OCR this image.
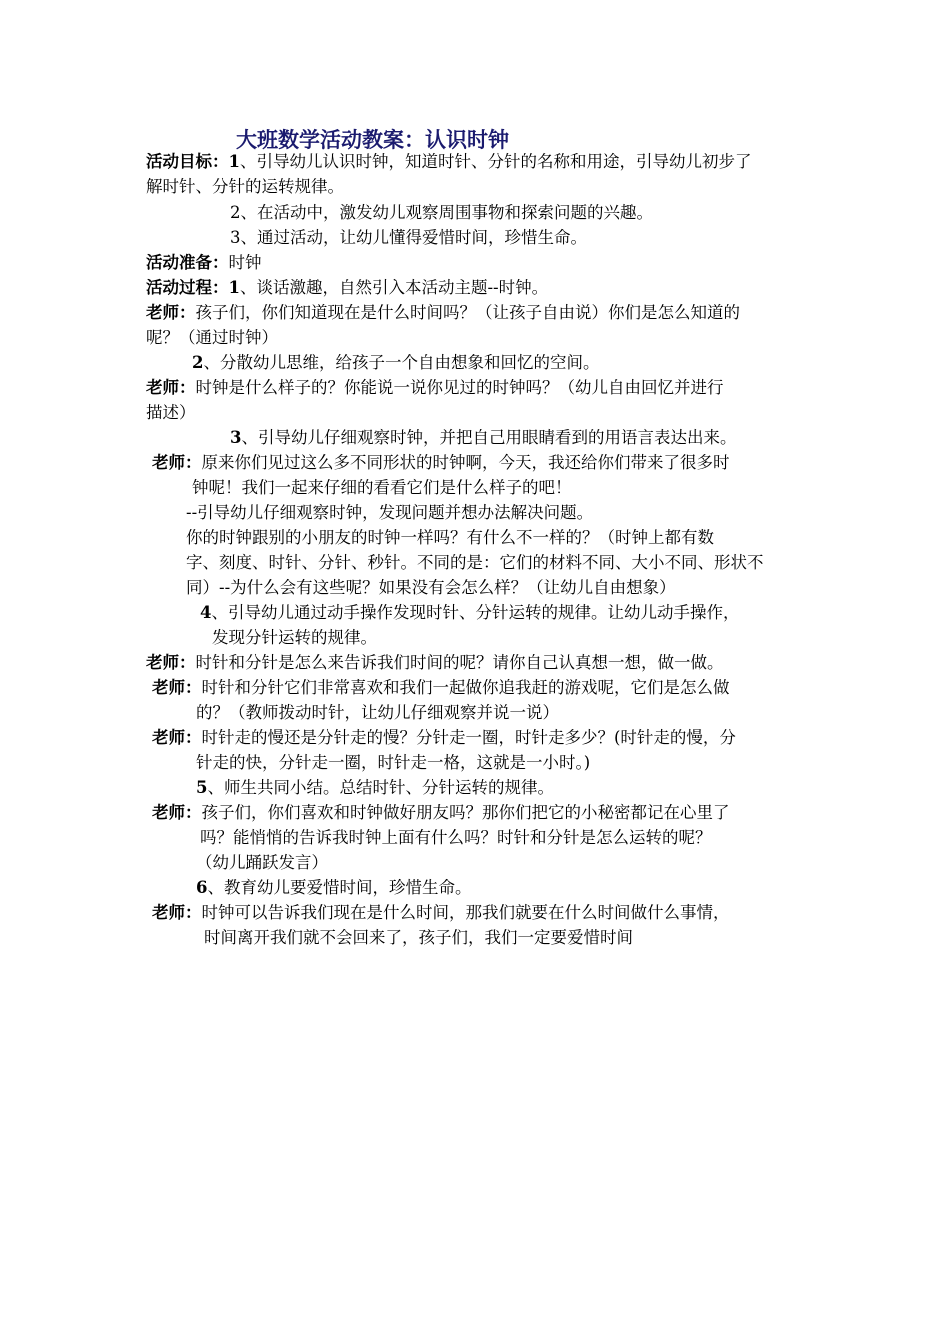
大班数学活动教案：认识时钟
活动目标：1、引导幼儿认识时钟，知道时针、分针的名称和用途，引导幼儿初步了
解时针、分针的运转规律。
2、在活动中，激发幼儿观察周围事物和探索问题的兴趣。
3、通过活动，让幼儿懂得爱惜时间，珍惜生命。
活动准备：时钟
活动过程：1、谈话激趣，自然引入本活动主题--时钟。
老师：孩子们，你们知道现在是什么时间吗？（让孩子自由说）你们是怎么知道的
呢？（通过时钟）
2、分散幼儿思维，给孩子一个自由想象和回忆的空间。
老师：时钟是什么样子的？你能说一说你见过的时钟吗？（幼儿自由回忆并进行
描述）
3、引导幼儿仔细观察时钟，并把自己用眼睛看到的用语言表达出来。
老师：原来你们见过这么多不同形状的时钟啊，今天，我还给你们带来了很多时
钟呢！我们一起来仔细的看看它们是什么样子的吧！
--引导幼儿仔细观察时钟，发现问题并想办法解决问题。
你的时钟跟别的小朋友的时钟一样吗？有什么不一样的？（时钟上都有数
字、刻度、时针、分针、秒针。不同的是：它们的材料不同、大小不同、形状不
同）--为什么会有这些呢？如果没有会怎么样？（让幼儿自由想象）
4、引导幼儿通过动手操作发现时针、分针运转的规律。让幼儿动手操作，
发现分针运转的规律。
老师：时针和分针是怎么来告诉我们时间的呢？请你自己认真想一想，做一做。
老师：时针和分针它们非常喜欢和我们一起做你追我赶的游戏呢，它们是怎么做
的？（教师拨动时针，让幼儿仔细观察并说一说）
老师：时针走的慢还是分针走的慢？分针走一圈，时针走多少？(时针走的慢，分
针走的快，分针走一圈，时针走一格，这就是一小时。)
5、师生共同小结。总结时针、分针运转的规律。
老师：孩子们，你们喜欢和时钟做好朋友吗？那你们把它的小秘密都记在心里了
吗？能悄悄的告诉我时钟上面有什么吗？时针和分针是怎么运转的呢？
（幼儿踊跃发言）
6、教育幼儿要爱惜时间，珍惜生命。
老师：时钟可以告诉我们现在是什么时间，那我们就要在什么时间做什么事情，
时间离开我们就不会回来了，孩子们，我们一定要爱惜时间
